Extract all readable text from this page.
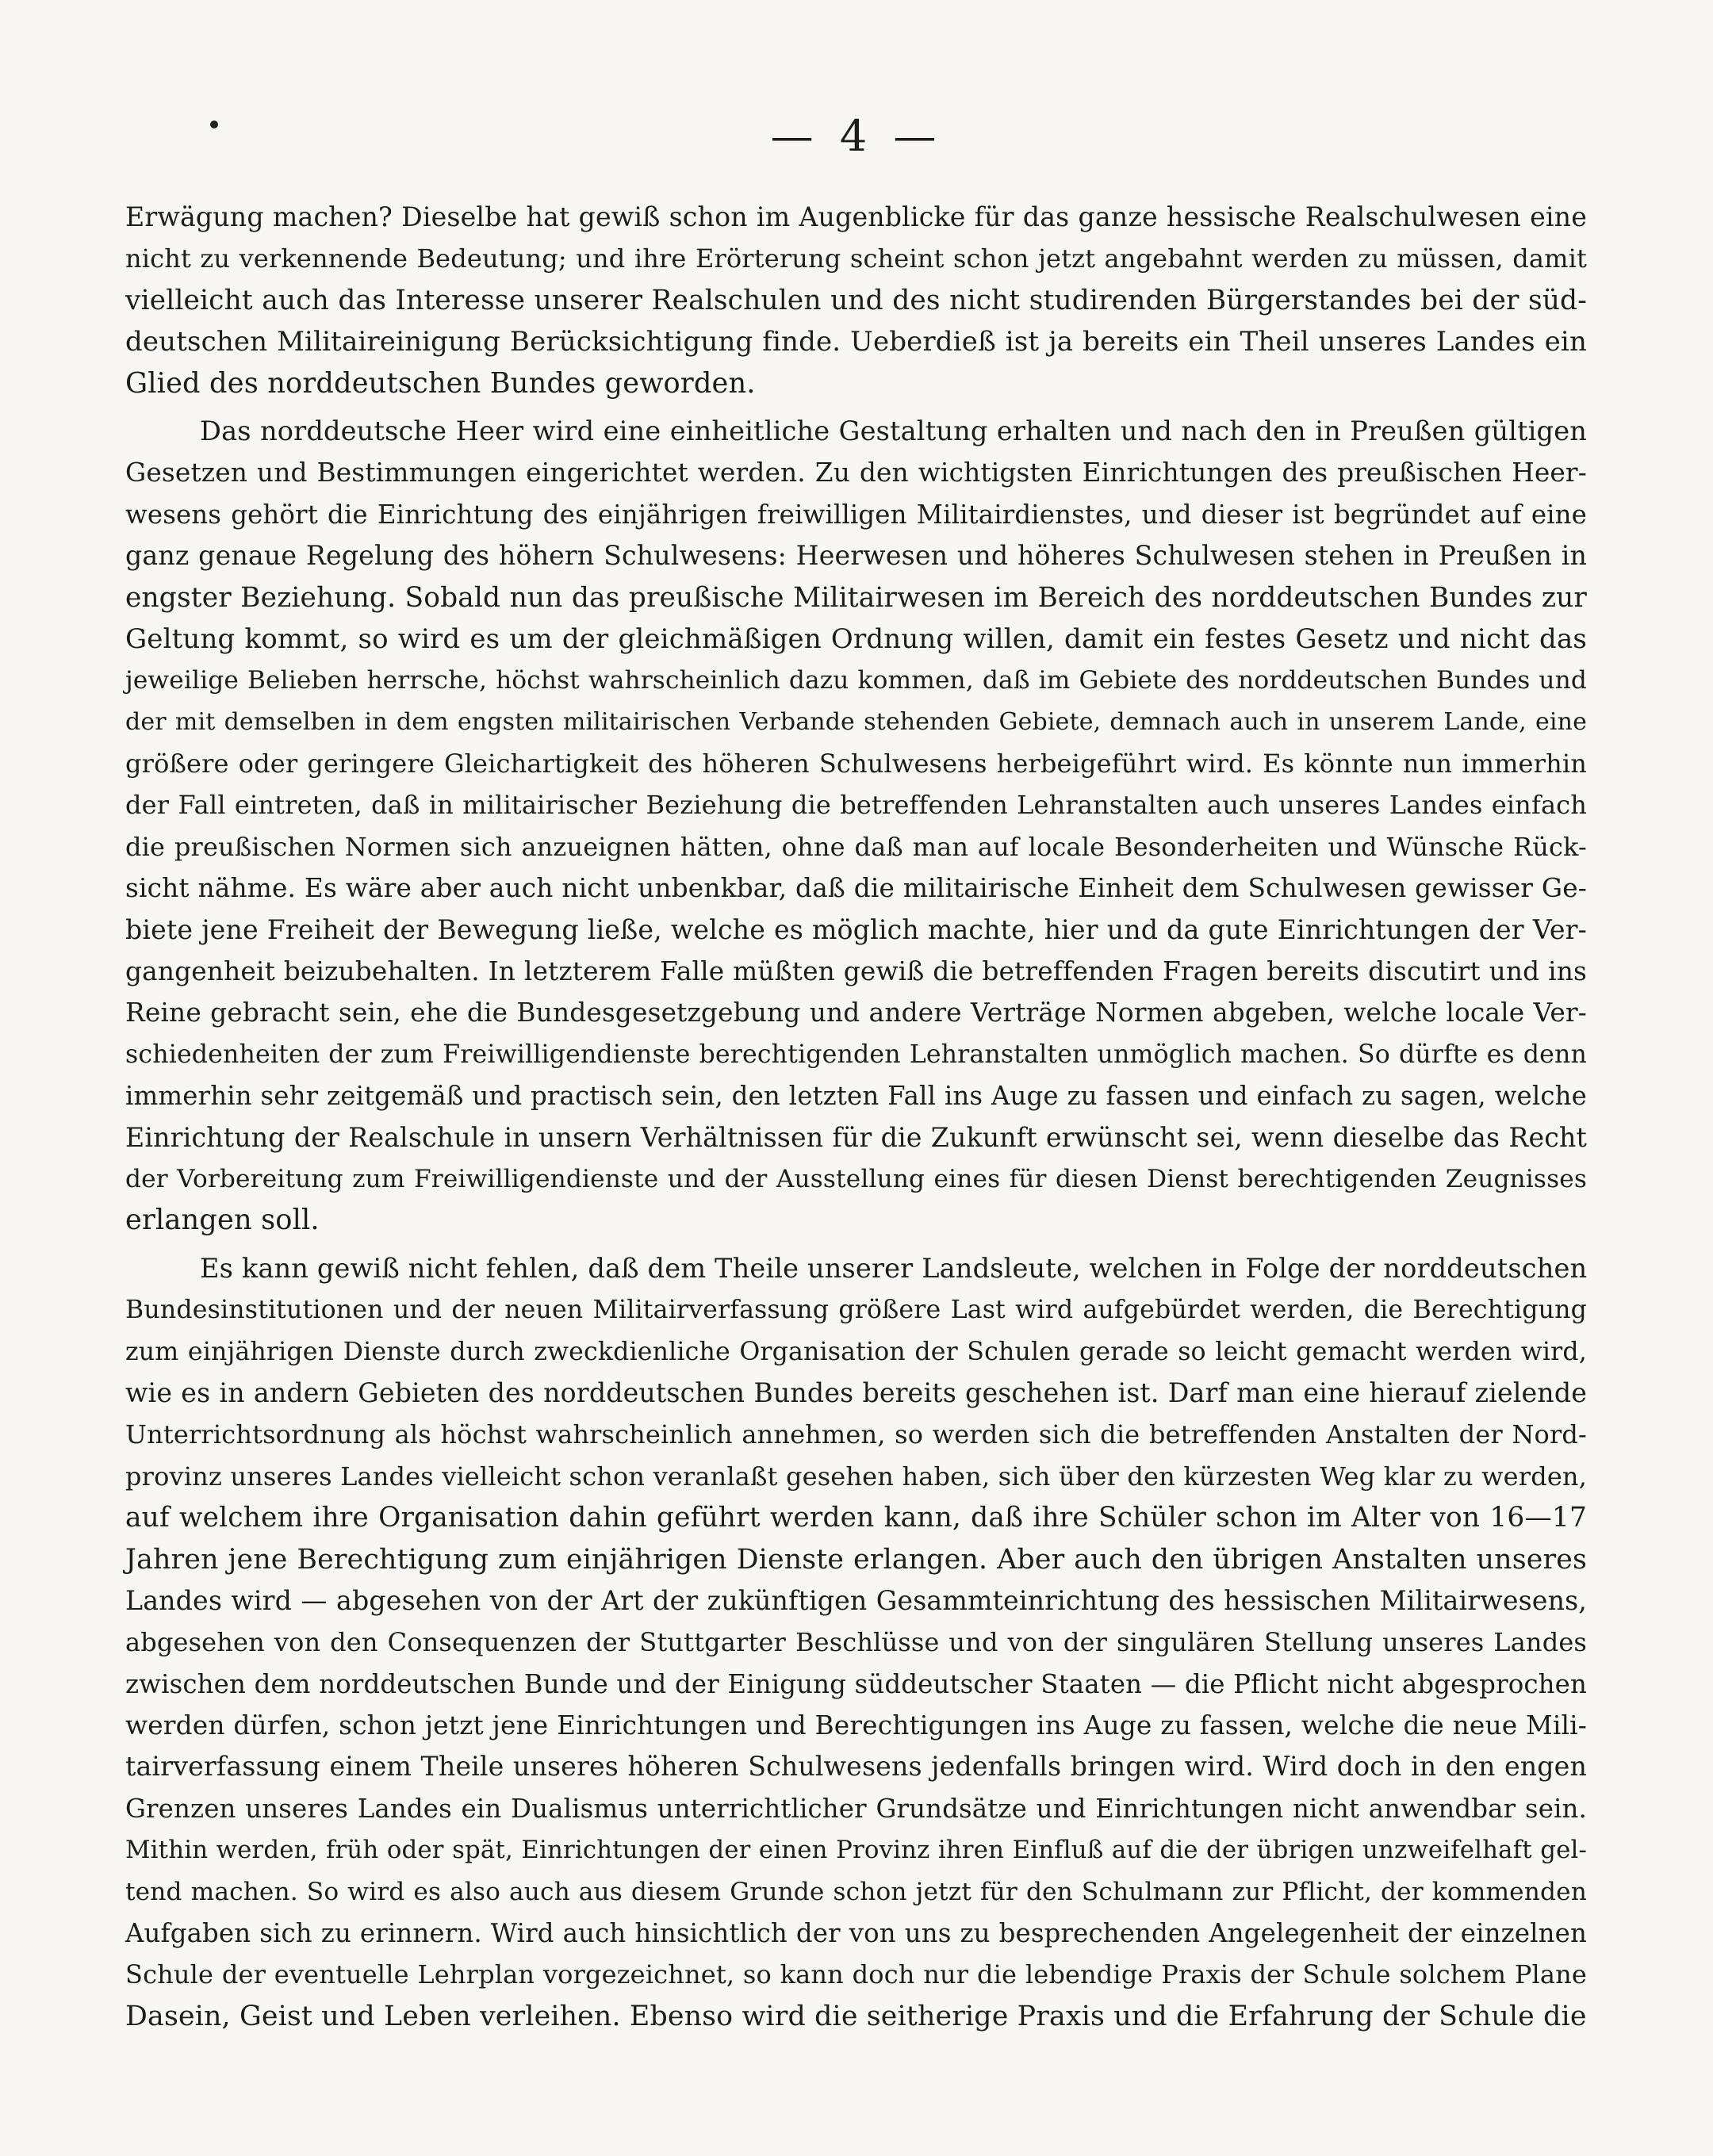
— 4 —
Erwägung machen? Dieselbe hat gewiß schon im Augenblicke für das ganze hessische Realschulwesen eine
nicht zu verkennende Bedeutung; und ihre Erörterung scheint schon jetzt angebahnt werden zu müssen, damit
vielleicht auch das Interesse unserer Realschulen und des nicht studirenden Bürgerstandes bei der süd-
deutschen Militaireinigung Berücksichtigung finde. Ueberdieß ist ja bereits ein Theil unseres Landes ein
Glied des norddeutschen Bundes geworden.
Das norddeutsche Heer wird eine einheitliche Gestaltung erhalten und nach den in Preußen gültigen
Gesetzen und Bestimmungen eingerichtet werden. Zu den wichtigsten Einrichtungen des preußischen Heer-
wesens gehört die Einrichtung des einjährigen freiwilligen Militairdienstes, und dieser ist begründet auf eine
ganz genaue Regelung des höhern Schulwesens: Heerwesen und höheres Schulwesen stehen in Preußen in
engster Beziehung. Sobald nun das preußische Militairwesen im Bereich des norddeutschen Bundes zur
Geltung kommt, so wird es um der gleichmäßigen Ordnung willen, damit ein festes Gesetz und nicht das
jeweilige Belieben herrsche, höchst wahrscheinlich dazu kommen, daß im Gebiete des norddeutschen Bundes und
der mit demselben in dem engsten militairischen Verbande stehenden Gebiete, demnach auch in unserem Lande, eine
größere oder geringere Gleichartigkeit des höheren Schulwesens herbeigeführt wird. Es könnte nun immerhin
der Fall eintreten, daß in militairischer Beziehung die betreffenden Lehranstalten auch unseres Landes einfach
die preußischen Normen sich anzueignen hätten, ohne daß man auf locale Besonderheiten und Wünsche Rück-
sicht nähme. Es wäre aber auch nicht unbenkbar, daß die militairische Einheit dem Schulwesen gewisser Ge-
biete jene Freiheit der Bewegung ließe, welche es möglich machte, hier und da gute Einrichtungen der Ver-
gangenheit beizubehalten. In letzterem Falle müßten gewiß die betreffenden Fragen bereits discutirt und ins
Reine gebracht sein, ehe die Bundesgesetzgebung und andere Verträge Normen abgeben, welche locale Ver-
schiedenheiten der zum Freiwilligendienste berechtigenden Lehranstalten unmöglich machen. So dürfte es denn
immerhin sehr zeitgemäß und practisch sein, den letzten Fall ins Auge zu fassen und einfach zu sagen, welche
Einrichtung der Realschule in unsern Verhältnissen für die Zukunft erwünscht sei, wenn dieselbe das Recht
der Vorbereitung zum Freiwilligendienste und der Ausstellung eines für diesen Dienst berechtigenden Zeugnisses
erlangen soll.
Es kann gewiß nicht fehlen, daß dem Theile unserer Landsleute, welchen in Folge der norddeutschen
Bundesinstitutionen und der neuen Militairverfassung größere Last wird aufgebürdet werden, die Berechtigung
zum einjährigen Dienste durch zweckdienliche Organisation der Schulen gerade so leicht gemacht werden wird,
wie es in andern Gebieten des norddeutschen Bundes bereits geschehen ist. Darf man eine hierauf zielende
Unterrichtsordnung als höchst wahrscheinlich annehmen, so werden sich die betreffenden Anstalten der Nord-
provinz unseres Landes vielleicht schon veranlaßt gesehen haben, sich über den kürzesten Weg klar zu werden,
auf welchem ihre Organisation dahin geführt werden kann, daß ihre Schüler schon im Alter von 16—17
Jahren jene Berechtigung zum einjährigen Dienste erlangen. Aber auch den übrigen Anstalten unseres
Landes wird — abgesehen von der Art der zukünftigen Gesammteinrichtung des hessischen Militairwesens,
abgesehen von den Consequenzen der Stuttgarter Beschlüsse und von der singulären Stellung unseres Landes
zwischen dem norddeutschen Bunde und der Einigung süddeutscher Staaten — die Pflicht nicht abgesprochen
werden dürfen, schon jetzt jene Einrichtungen und Berechtigungen ins Auge zu fassen, welche die neue Mili-
tairverfassung einem Theile unseres höheren Schulwesens jedenfalls bringen wird. Wird doch in den engen
Grenzen unseres Landes ein Dualismus unterrichtlicher Grundsätze und Einrichtungen nicht anwendbar sein.
Mithin werden, früh oder spät, Einrichtungen der einen Provinz ihren Einfluß auf die der übrigen unzweifelhaft gel-
tend machen. So wird es also auch aus diesem Grunde schon jetzt für den Schulmann zur Pflicht, der kommenden
Aufgaben sich zu erinnern. Wird auch hinsichtlich der von uns zu besprechenden Angelegenheit der einzelnen
Schule der eventuelle Lehrplan vorgezeichnet, so kann doch nur die lebendige Praxis der Schule solchem Plane
Dasein, Geist und Leben verleihen. Ebenso wird die seitherige Praxis und die Erfahrung der Schule die
